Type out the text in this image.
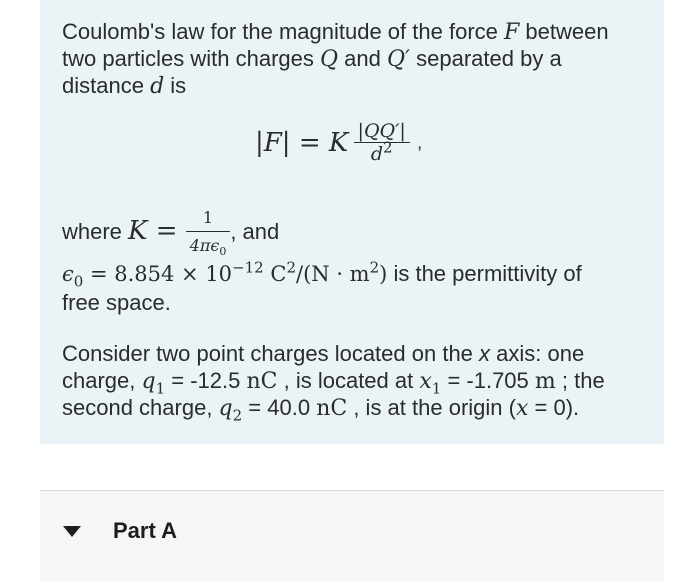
Coulomb's law for the magnitude of the force F between
two particles with charges Q and Q′ separated by a
distance d is
|F| = K $\frac{|QQ'|}{d^2}$ ,
where $K = \frac{1}{4\pi\epsilon_0}$ , and
$\epsilon_0 = 8.854 \times 10^{-12}$ $C^2/(N \cdot m^2)$ is the permittivity of
free space.
Consider two point charges located on the x axis: one
charge, $q_1 = -12.5$ nC , is located at $x_1 = -1.705$ m ; the
second charge, $q_2 = 40.0$ nC , is at the origin (x = 0).
Part A
